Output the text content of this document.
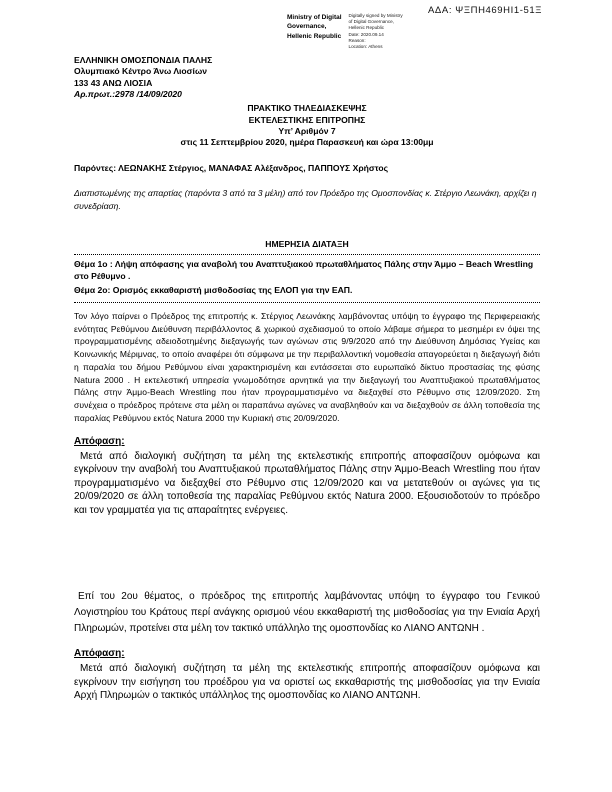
ΑΔΑ: ΨΞΠΗ469ΗΙ1-51Ξ
Ministry of Digital
Governance,
Hellenic Republic
Digitally signed by Ministry
of Digital Governance,
Hellenic Republic
Date: 2020.09.14
Reason:
Location: Athens
ΕΛΛΗΝΙΚΗ ΟΜΟΣΠΟΝΔΙΑ ΠΑΛΗΣ
Ολυμπιακό Κέντρο Άνω Λιοσίων
133 43 ΑΝΩ ΛΙΟΣΙΑ
Αρ.πρωτ.:2978 /14/09/2020
ΠΡΑΚΤΙΚΟ ΤΗΛΕΔΙΑΣΚΕΨΗΣ
ΕΚΤΕΛΕΣΤΙΚΗΣ ΕΠΙΤΡΟΠΗΣ
Υπ’ Αριθμόν 7
στις 11 Σεπτεμβρίου 2020, ημέρα Παρασκευή και ώρα 13:00μμ
Παρόντες: ΛΕΩΝΑΚΗΣ Στέργιος, ΜΑΝΑΦΑΣ Αλέξανδρος, ΠΑΠΠΟΥΣ Χρήστος
Διαπιστωμένης της απαρτίας (παρόντα 3 από τα 3 μέλη) από τον Πρόεδρο της Ομοσπονδίας κ. Στέργιο Λεωνάκη, αρχίζει η συνεδρίαση.
ΗΜΕΡΗΣΙΑ ΔΙΑΤΑΞΗ
Θέμα 1ο : Λήψη απόφασης για αναβολή του Αναπτυξιακού πρωταθλήματος Πάλης στην Άμμο – Beach Wrestling στο Ρέθυμνο .
Θέμα 2ο: Ορισμός εκκαθαριστή μισθοδοσίας της ΕΛΟΠ για την ΕΑΠ.
Τον λόγο παίρνει ο Πρόεδρος της επιτροπής κ. Στέργιος Λεωνάκης λαμβάνοντας υπόψη το έγγραφο της Περιφερειακής ενότητας Ρεθύμνου Διεύθυνση περιβάλλοντος & χωρικού σχεδιασμού το οποίο λάβαμε σήμερα το μεσημέρι εν όψει της προγραμματισμένης αδειοδοτημένης διεξαγωγής των αγώνων στις 9/9/2020 από την Διεύθυνση Δημόσιας Υγείας και Κοινωνικής Μέριμνας, το οποίο αναφέρει ότι σύμφωνα με την περιβαλλοντική νομοθεσία απαγορεύεται η διεξαγωγή διότι η παραλία του δήμου Ρεθύμνου είναι χαρακτηρισμένη και εντάσσεται στο ευρωπαϊκό δίκτυο προστασίας της φύσης Natura 2000 . Η εκτελεστική υπηρεσία γνωμοδότησε αρνητικά για την διεξαγωγή του Αναπτυξιακού πρωταθλήματος Πάλης στην Άμμο-Beach Wrestling που ήταν προγραμματισμένο να διεξαχθεί στο Ρέθυμνο στις 12/09/2020. Στη συνέχεια ο πρόεδρος πρότεινε στα μέλη οι παραπάνω αγώνες να αναβληθούν και να διεξαχθούν σε άλλη τοποθεσία της παραλίας Ρεθύμνου εκτός Natura 2000 την Κυριακή στις 20/09/2020.
Απόφαση:
Μετά από διαλογική συζήτηση τα μέλη της εκτελεστικής επιτροπής αποφασίζουν ομόφωνα και εγκρίνουν την αναβολή του Αναπτυξιακού πρωταθλήματος Πάλης στην Άμμο-Beach Wrestling που ήταν προγραμματισμένο να διεξαχθεί στο Ρέθυμνο στις 12/09/2020 και να μετατεθούν οι αγώνες για τις 20/09/2020 σε άλλη τοποθεσία της παραλίας Ρεθύμνου εκτός Natura 2000. Εξουσιοδοτούν το πρόεδρο και τον γραμματέα για τις απαραίτητες ενέργειες.
Επί του 2ου θέματος, ο πρόεδρος της επιτροπής λαμβάνοντας υπόψη το έγγραφο του Γενικού Λογιστηρίου του Κράτους περί ανάγκης ορισμού νέου εκκαθαριστή της μισθοδοσίας για την Ενιαία Αρχή Πληρωμών, προτείνει στα μέλη τον τακτικό υπάλληλο της ομοσπονδίας κο ΛΙΑΝΟ ΑΝΤΩΝΗ .
Απόφαση:
Μετά από διαλογική συζήτηση τα μέλη της εκτελεστικής επιτροπής αποφασίζουν ομόφωνα και εγκρίνουν την εισήγηση του προέδρου για να οριστεί ως εκκαθαριστής της μισθοδοσίας για την Ενιαία Αρχή Πληρωμών ο τακτικός υπάλληλος της ομοσπονδίας κο ΛΙΑΝΟ ΑΝΤΩΝΗ.
